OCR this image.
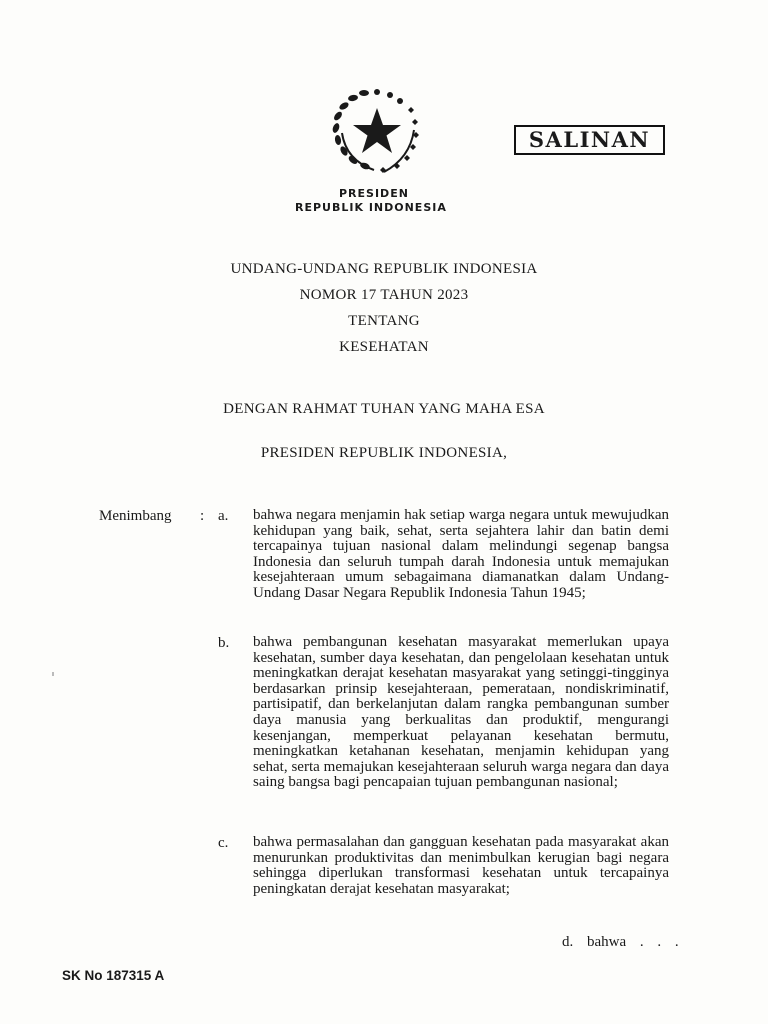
SALINAN
PRESIDEN
REPUBLIK INDONESIA
UNDANG-UNDANG REPUBLIK INDONESIA
NOMOR 17 TAHUN 2023
TENTANG
KESEHATAN
DENGAN RAHMAT TUHAN YANG MAHA ESA
PRESIDEN REPUBLIK INDONESIA,
Menimbang : a. bahwa negara menjamin hak setiap warga negara untuk mewujudkan kehidupan yang baik, sehat, serta sejahtera lahir dan batin demi tercapainya tujuan nasional dalam melindungi segenap bangsa Indonesia dan seluruh tumpah darah Indonesia untuk memajukan kesejahteraan umum sebagaimana diamanatkan dalam Undang-Undang Dasar Negara Republik Indonesia Tahun 1945;
b. bahwa pembangunan kesehatan masyarakat memerlukan upaya kesehatan, sumber daya kesehatan, dan pengelolaan kesehatan untuk meningkatkan derajat kesehatan masyarakat yang setinggi-tingginya berdasarkan prinsip kesejahteraan, pemerataan, nondiskriminatif, partisipatif, dan berkelanjutan dalam rangka pembangunan sumber daya manusia yang berkualitas dan produktif, mengurangi kesenjangan, memperkuat pelayanan kesehatan bermutu, meningkatkan ketahanan kesehatan, menjamin kehidupan yang sehat, serta memajukan kesejahteraan seluruh warga negara dan daya saing bangsa bagi pencapaian tujuan pembangunan nasional;
c. bahwa permasalahan dan gangguan kesehatan pada masyarakat akan menurunkan produktivitas dan menimbulkan kerugian bagi negara sehingga diperlukan transformasi kesehatan untuk tercapainya peningkatan derajat kesehatan masyarakat;
d. bahwa . . .
SK No 187315 A
